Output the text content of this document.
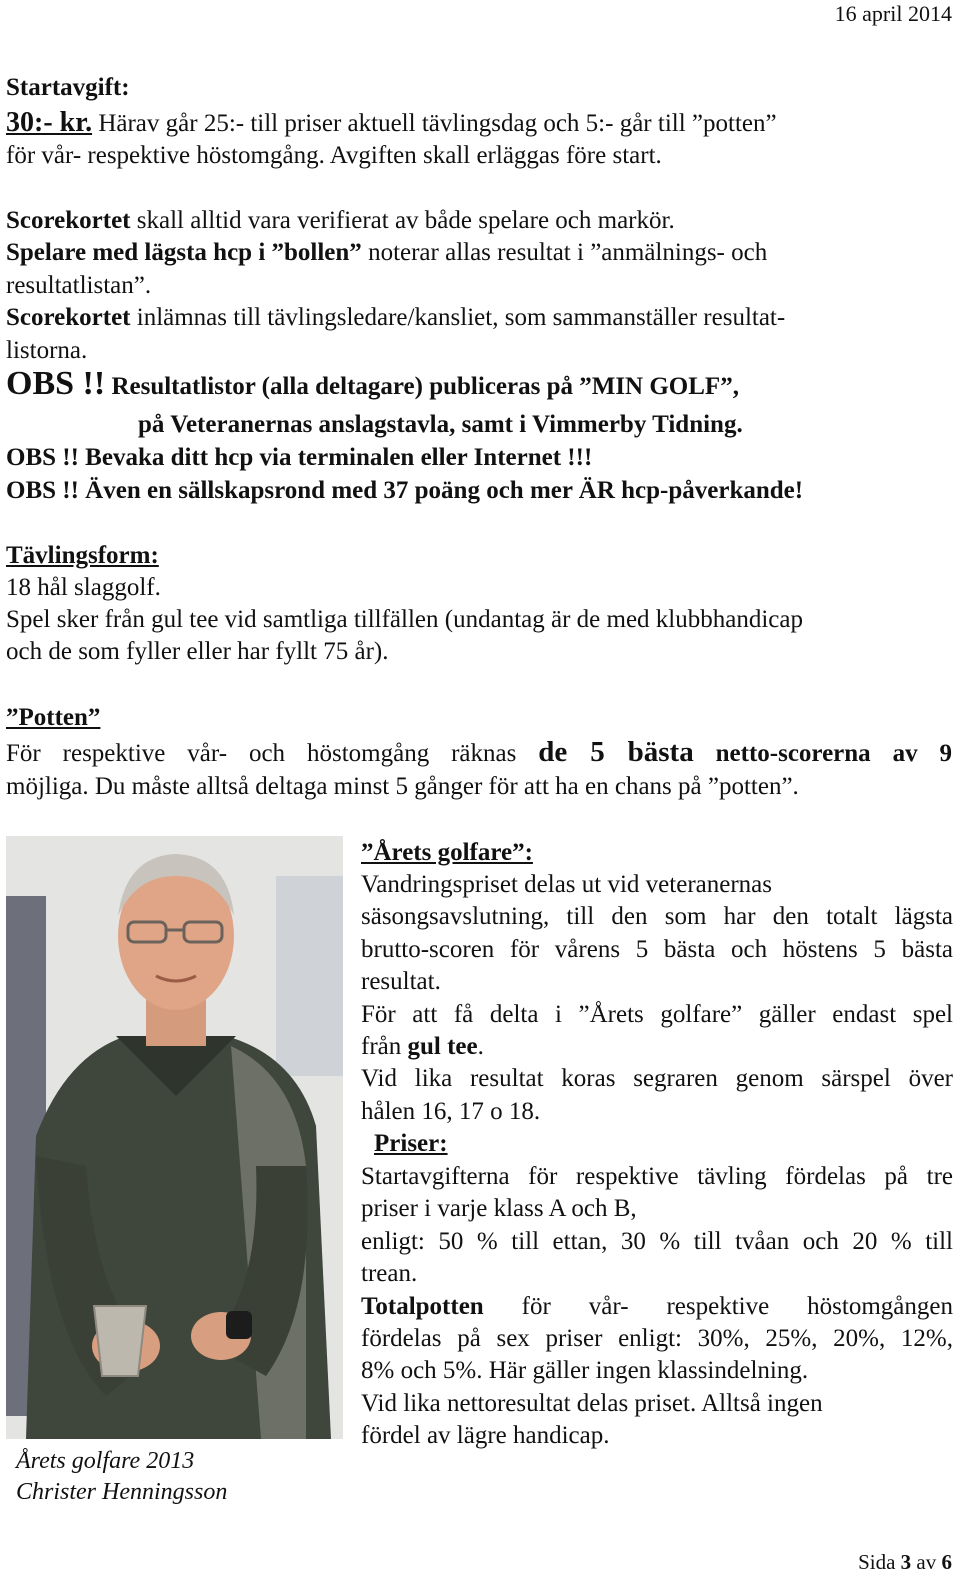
16 april 2014
Startavgift:
30:- kr. Härav går 25:- till priser aktuell tävlingsdag och 5:- går till ”potten”
för vår- respektive höstomgång. Avgiften skall erläggas före start.
Scorekortet skall alltid vara verifierat av både spelare och markör.
Spelare med lägsta hcp i ”bollen” noterar allas resultat i ”anmälnings- och
resultatlistan”.
Scorekortet inlämnas till tävlingsledare/kansliet, som sammanställer resultat-
listorna.
OBS !! Resultatlistor (alla deltagare) publiceras på ”MIN GOLF”,
på Veteranernas anslagstavla, samt i Vimmerby Tidning.
OBS !! Bevaka ditt hcp via terminalen eller Internet !!!
OBS !! Även en sällskapsrond med 37 poäng och mer ÄR hcp-påverkande!
Tävlingsform:
18 hål slaggolf.
Spel sker från gul tee vid samtliga tillfällen (undantag är de med klubbhandicap
och de som fyller eller har fyllt 75 år).
”Potten”
För respektive vår- och höstomgång räknas de 5 bästa netto-scorerna av 9
möjliga. Du måste alltså deltaga minst 5 gånger för att ha en chans på ”potten”.
Årets golfare 2013
Christer Henningsson
”Årets golfare”:
Vandringspriset delas ut vid veteranernas
säsongsavslutning, till den som har den totalt lägsta
brutto-scoren för vårens 5 bästa och höstens 5 bästa
resultat.
För att få delta i ”Årets golfare” gäller endast spel
från gul tee.
Vid lika resultat koras segraren genom särspel över
hålen 16, 17 o 18.
Priser:
Startavgifterna för respektive tävling fördelas på tre
priser i varje klass A och B,
enligt: 50 % till ettan, 30 % till tvåan och 20 % till
trean.
Totalpotten för vår- respektive höstomgången
fördelas på sex priser enligt: 30%, 25%, 20%, 12%,
8% och 5%. Här gäller ingen klassindelning.
Vid lika nettoresultat delas priset. Alltså ingen
fördel av lägre handicap.
Sida 3 av 6
